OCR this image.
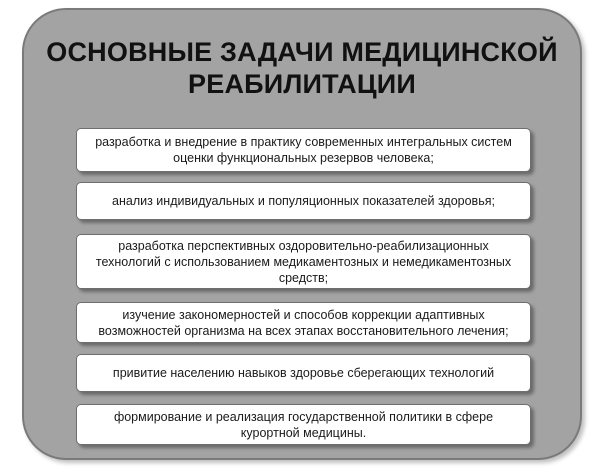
ОСНОВНЫЕ ЗАДАЧИ МЕДИЦИНСКОЙ РЕАБИЛИТАЦИИ
разработка и внедрение в практику современных интегральных систем оценки функциональных резервов человека;
анализ индивидуальных и популяционных показателей здоровья;
разработка перспективных оздоровительно-реабилизационных технологий с использованием медикаментозных и немедикаментозных средств;
изучение закономерностей и способов коррекции адаптивных возможностей организма на всех этапах восстановительного лечения;
привитие населению навыков здоровье сберегающих технологий
формирование и реализация государственной политики в сфере курортной медицины.
